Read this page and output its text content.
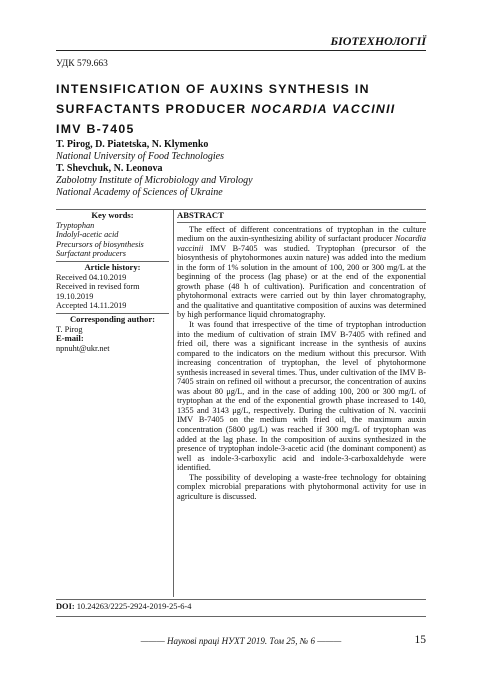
БІОТЕХНОЛОГІЇ
УДК 579.663
INTENSIFICATION OF AUXINS SYNTHESIS IN
SURFACTANTS PRODUCER NOCARDIA VACCINII
IMV B-7405
T. Pirog, D. Piatetska, N. Klymenko
National University of Food Technologies
T. Shevchuk, N. Leonova
Zabolotny Institute of Microbiology and Virology
National Academy of Sciences of Ukraine
Key words:
Tryptophan
Indolyl-acetic acid
Precursors of biosynthesis
Surfactant producers
Article history:
Received 04.10.2019
Received in revised form 19.10.2019
Accepted 14.11.2019
Corresponding author:
T. Pirog
E-mail:
npnuht@ukr.net
ABSTRACT

The effect of different concentrations of tryptophan in the culture medium on the auxin-synthesizing ability of surfactant producer Nocardia vaccinii IMV B-7405 was studied. Tryptophan (precursor of the biosynthesis of phytohormones auxin nature) was added into the medium in the form of 1% solution in the amount of 100, 200 or 300 mg/L at the beginning of the process (lag phase) or at the end of the exponential growth phase (48 h of cultivation). Purification and concentration of phytohormonal extracts were carried out by thin layer chromatography, and the qualitative and quantitative composition of auxins was determined by high performance liquid chromatography.

It was found that irrespective of the time of tryptophan introduction into the medium of cultivation of strain IMV B-7405 with refined and fried oil, there was a significant increase in the synthesis of auxins compared to the indicators on the medium without this precursor. With increasing concentration of tryptophan, the level of phytohormone synthesis increased in several times. Thus, under cultivation of the IMV B-7405 strain on refined oil without a precursor, the concentration of auxins was about 80 μg/L, and in the case of adding 100, 200 or 300 mg/L of tryptophan at the end of the exponential growth phase increased to 140, 1355 and 3143 μg/L, respectively. During the cultivation of N. vaccinii IMV B-7405 on the medium with fried oil, the maximum auxin concentration (5800 μg/L) was reached if 300 mg/L of tryptophan was added at the lag phase. In the composition of auxins synthesized in the presence of tryptophan indole-3-acetic acid (the dominant component) as well as indole-3-carboxylic acid and indole-3-carboxaldehyde were identified.

The possibility of developing a waste-free technology for obtaining complex microbial preparations with phytohormonal activity for use in agriculture is discussed.

DOI: 10.24263/2225-2924-2019-25-6-4
——— Наукові праці НУХТ 2019. Том 25, № 6 ———	15
